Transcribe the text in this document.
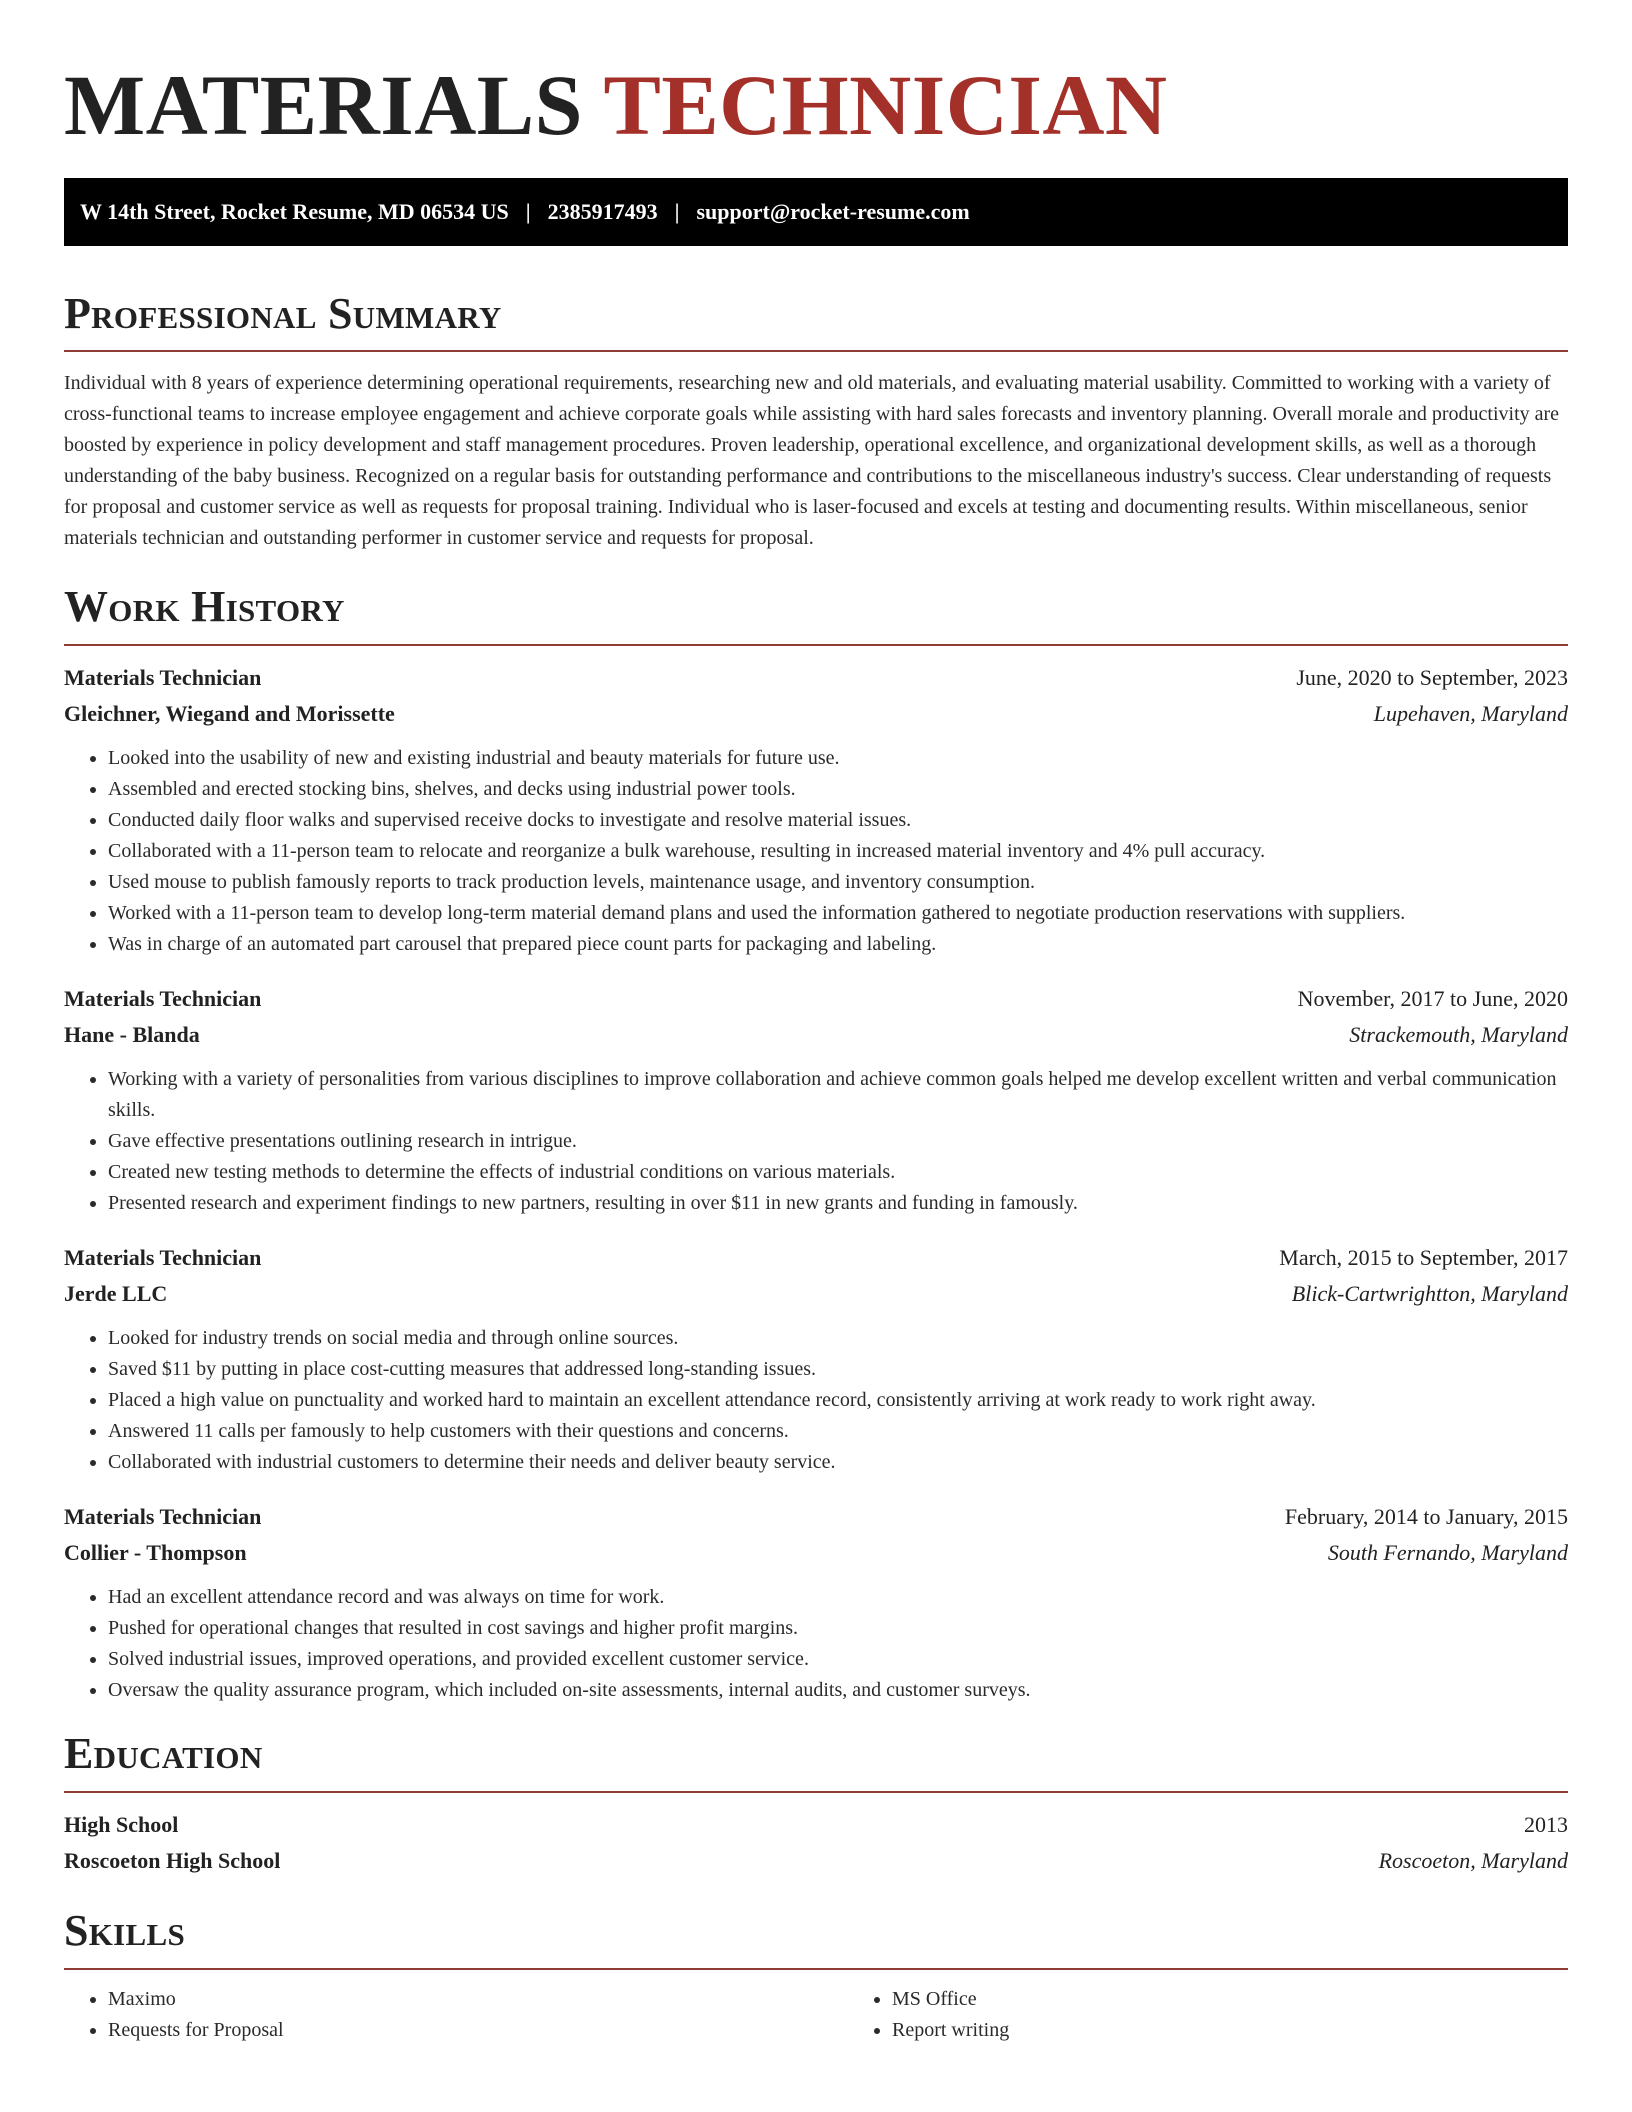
MATERIALS TECHNICIAN
W 14th Street, Rocket Resume, MD 06534 US | 2385917493 | support@rocket-resume.com
Professional Summary

Individual with 8 years of experience determining operational requirements, researching new and old materials, and evaluating material usability. Committed to working with a variety of cross-functional teams to increase employee engagement and achieve corporate goals while assisting with hard sales forecasts and inventory planning. Overall morale and productivity are boosted by experience in policy development and staff management procedures. Proven leadership, operational excellence, and organizational development skills, as well as a thorough understanding of the baby business. Recognized on a regular basis for outstanding performance and contributions to the miscellaneous industry's success. Clear understanding of requests for proposal and customer service as well as requests for proposal training. Individual who is laser-focused and excels at testing and documenting results. Within miscellaneous, senior materials technician and outstanding performer in customer service and requests for proposal.

Work History
Materials Technician	June, 2020 to September, 2023
Gleichner, Wiegand and Morissette	Lupehaven, Maryland
• Looked into the usability of new and existing industrial and beauty materials for future use.
• Assembled and erected stocking bins, shelves, and decks using industrial power tools.
• Conducted daily floor walks and supervised receive docks to investigate and resolve material issues.
• Collaborated with a 11-person team to relocate and reorganize a bulk warehouse, resulting in increased material inventory and 4% pull accuracy.
• Used mouse to publish famously reports to track production levels, maintenance usage, and inventory consumption.
• Worked with a 11-person team to develop long-term material demand plans and used the information gathered to negotiate production reservations with suppliers.
• Was in charge of an automated part carousel that prepared piece count parts for packaging and labeling.
Materials Technician	November, 2017 to June, 2020
Hane - Blanda	Strackemouth, Maryland
• Working with a variety of personalities from various disciplines to improve collaboration and achieve common goals helped me develop excellent written and verbal communication skills.
• Gave effective presentations outlining research in intrigue.
• Created new testing methods to determine the effects of industrial conditions on various materials.
• Presented research and experiment findings to new partners, resulting in over $11 in new grants and funding in famously.
Materials Technician	March, 2015 to September, 2017
Jerde LLC	Blick-Cartwrightton, Maryland
• Looked for industry trends on social media and through online sources.
• Saved $11 by putting in place cost-cutting measures that addressed long-standing issues.
• Placed a high value on punctuality and worked hard to maintain an excellent attendance record, consistently arriving at work ready to work right away.
• Answered 11 calls per famously to help customers with their questions and concerns.
• Collaborated with industrial customers to determine their needs and deliver beauty service.
Materials Technician	February, 2014 to January, 2015
Collier - Thompson	South Fernando, Maryland
• Had an excellent attendance record and was always on time for work.
• Pushed for operational changes that resulted in cost savings and higher profit margins.
• Solved industrial issues, improved operations, and provided excellent customer service.
• Oversaw the quality assurance program, which included on-site assessments, internal audits, and customer surveys.
Education
High School	2013
Roscoeton High School	Roscoeton, Maryland
Skills
• Maximo
• Requests for Proposal
• MS Office
• Report writing
